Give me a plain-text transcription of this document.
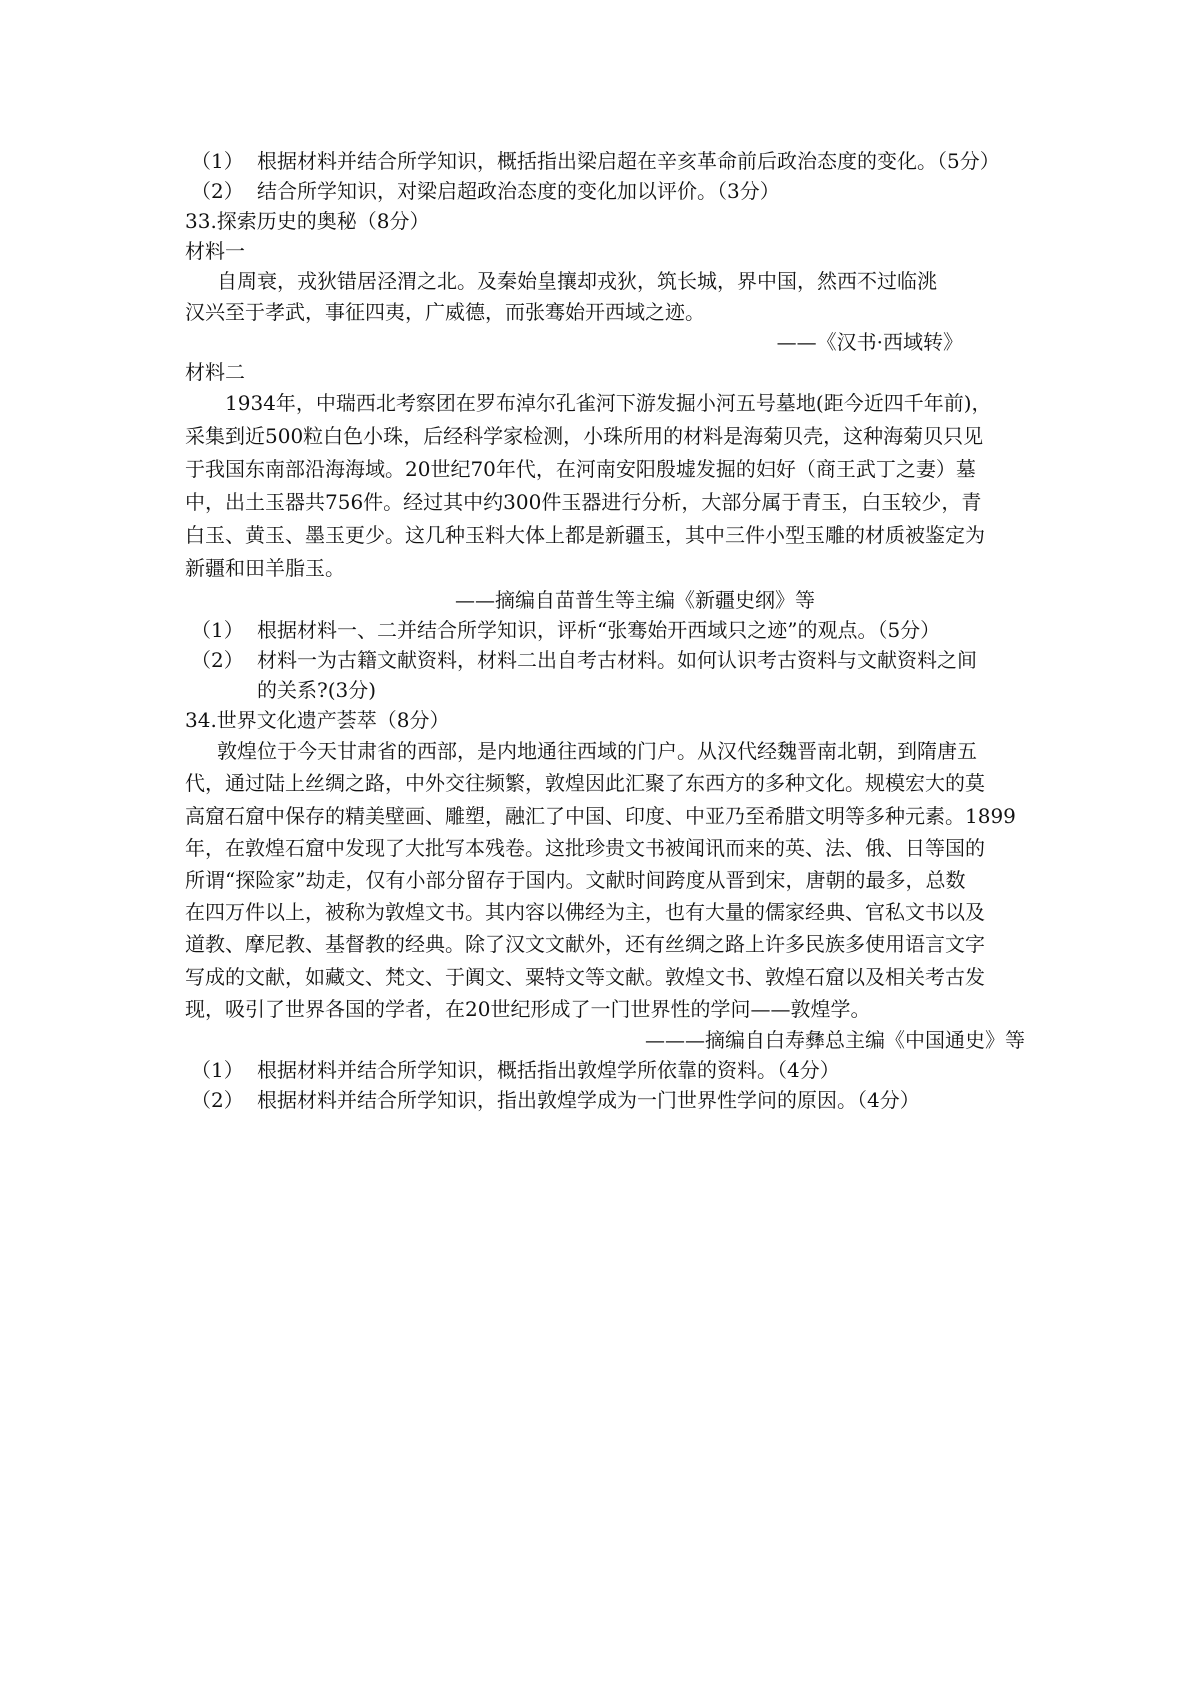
（1） 根据材料并结合所学知识，概括指出梁启超在辛亥革命前后政治态度的变化。（5分）
（2） 结合所学知识，对梁启超政治态度的变化加以评价。（3分）
33.探索历史的奥秘（8分）
材料一
自周衰，戎狄错居泾渭之北。及秦始皇攘却戎狄，筑长城，界中国，然西不过临洮
汉兴至于孝武，事征四夷，广威德，而张骞始开西域之迹。
——《汉书·西域转》
材料二
1934年，中瑞西北考察团在罗布淖尔孔雀河下游发掘小河五号墓地(距今近四千年前)，
采集到近500粒白色小珠，后经科学家检测，小珠所用的材料是海菊贝壳，这种海菊贝只见
于我国东南部沿海海域。20世纪70年代，在河南安阳殷墟发掘的妇好（商王武丁之妻）墓
中，出土玉器共756件。经过其中约300件玉器进行分析，大部分属于青玉，白玉较少，青
白玉、黄玉、墨玉更少。这几种玉料大体上都是新疆玉，其中三件小型玉雕的材质被鉴定为
新疆和田羊脂玉。
——摘编自苗普生等主编《新疆史纲》等
（1） 根据材料一、二并结合所学知识，评析“张骞始开西域只之迹”的观点。（5分）
（2） 材料一为古籍文献资料，材料二出自考古材料。如何认识考古资料与文献资料之间
的关系?(3分)
34.世界文化遗产荟萃（8分）
敦煌位于今天甘肃省的西部，是内地通往西域的门户。从汉代经魏晋南北朝，到隋唐五
代，通过陆上丝绸之路，中外交往频繁，敦煌因此汇聚了东西方的多种文化。规模宏大的莫
高窟石窟中保存的精美壁画、雕塑，融汇了中国、印度、中亚乃至希腊文明等多种元素。1899
年，在敦煌石窟中发现了大批写本残卷。这批珍贵文书被闻讯而来的英、法、俄、日等国的
所谓“探险家”劫走，仅有小部分留存于国内。文献时间跨度从晋到宋，唐朝的最多，总数
在四万件以上，被称为敦煌文书。其内容以佛经为主，也有大量的儒家经典、官私文书以及
道教、摩尼教、基督教的经典。除了汉文文献外，还有丝绸之路上许多民族多使用语言文字
写成的文献，如藏文、梵文、于阗文、粟特文等文献。敦煌文书、敦煌石窟以及相关考古发
现，吸引了世界各国的学者，在20世纪形成了一门世界性的学问——敦煌学。
———摘编自白寿彝总主编《中国通史》等
（1） 根据材料并结合所学知识，概括指出敦煌学所依靠的资料。（4分）
（2） 根据材料并结合所学知识，指出敦煌学成为一门世界性学问的原因。（4分）
